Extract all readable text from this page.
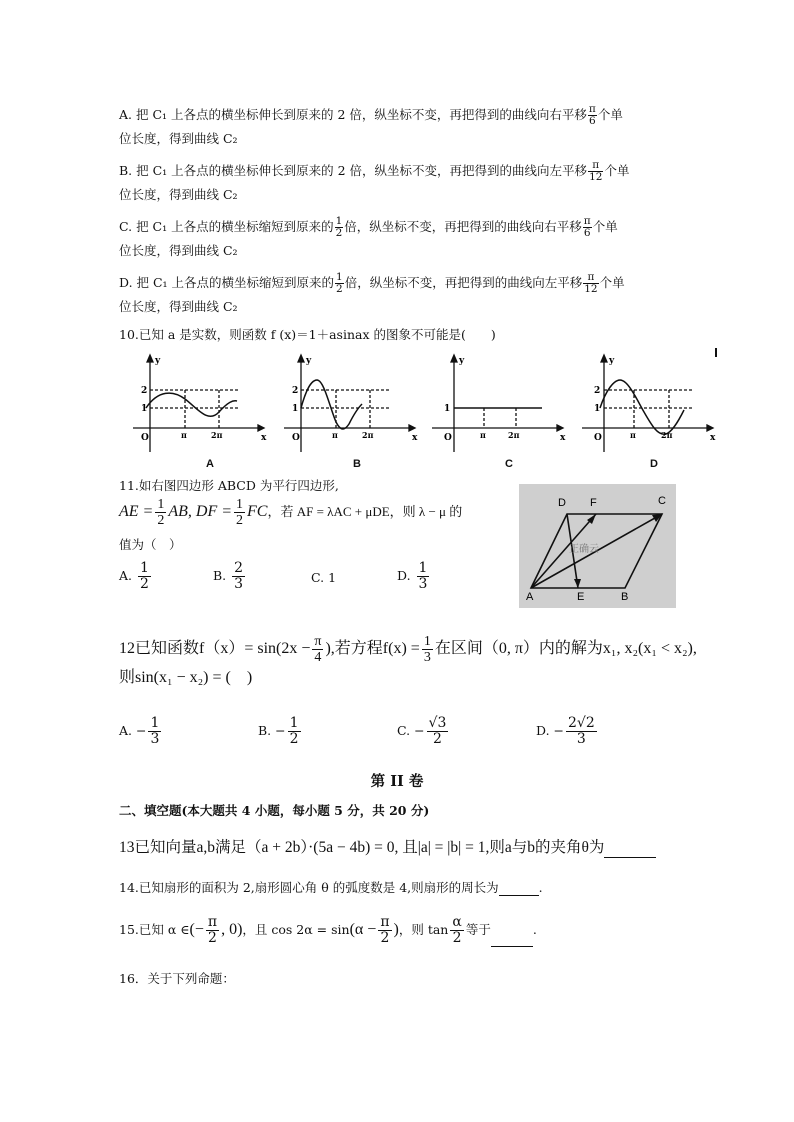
A. 把 C₁ 上各点的横坐标伸长到原来的 2 倍，纵坐标不变，再把得到的曲线向右平移 $\frac{\pi}{6}$ 个单
位长度，得到曲线 C₂
B. 把 C₁ 上各点的横坐标伸长到原来的 2 倍，纵坐标不变，再把得到的曲线向左平移 $\frac{\pi}{12}$ 个单
位长度，得到曲线 C₂
C. 把 C₁ 上各点的横坐标缩短到原来的 $\frac{1}{2}$ 倍，纵坐标不变，再把得到的曲线向右平移 $\frac{\pi}{6}$ 个单
位长度，得到曲线 C₂
D. 把 C₁ 上各点的横坐标缩短到原来的 $\frac{1}{2}$ 倍，纵坐标不变，再把得到的曲线向左平移 $\frac{\pi}{12}$ 个单
位长度，得到曲线 C₂
10.已知 a 是实数，则函数 f (x)＝1＋asinax 的图象不可能是(　　)
y
x
O
2
1
π	2π
y
x
O
2
1
π	2π
y
x
O
1
π	2π
y
x
O
2
1
π	2π
A	B	C	D
11.如右图四边形 ABCD 为平行四边形,
AE = $\frac{1}{2}$ AB, DF = $\frac{1}{2}$ FC，若 AF = λAC + μDE，则 λ − μ 的
值为（　）
A. $\frac{1}{2}$	B. $\frac{2}{3}$	C. 1	D. $\frac{1}{3}$
D F	C
A	E	B
正确云
12已知函数$f(x)= \sin(2x - \frac{\pi}{4}$ ),若方程$f(x) = \frac{1}{3}$ 在区间（0, π）内的解为x₁, x₂(x₁ < x₂),
则sin(x₁ − x₂) = (　)
A. − $\frac{1}{3}$	B. − $\frac{1}{2}$	C. − $\frac{√3}{2}$	D. − $\frac{2√2}{3}$
第 II 卷
二、填空题(本大题共 4 小题，每小题 5 分，共 20 分)
13已知向量a,b满足（a + 2b）·(5a − 4b) = 0, 且|a| = |b| = 1,则a与b的夹角θ为
14.已知扇形的面积为 2,扇形圆心角 θ 的弧度数是 4,则扇形的周长为	.
15.已知 α ∈(− $\frac{\pi}{2}$ , 0)，且 $\cos 2\alpha = \sin(\alpha - \frac{\pi}{2}$ )，则 $\tan \frac{\alpha}{2}$ 等于	.
16．关于下列命题：
